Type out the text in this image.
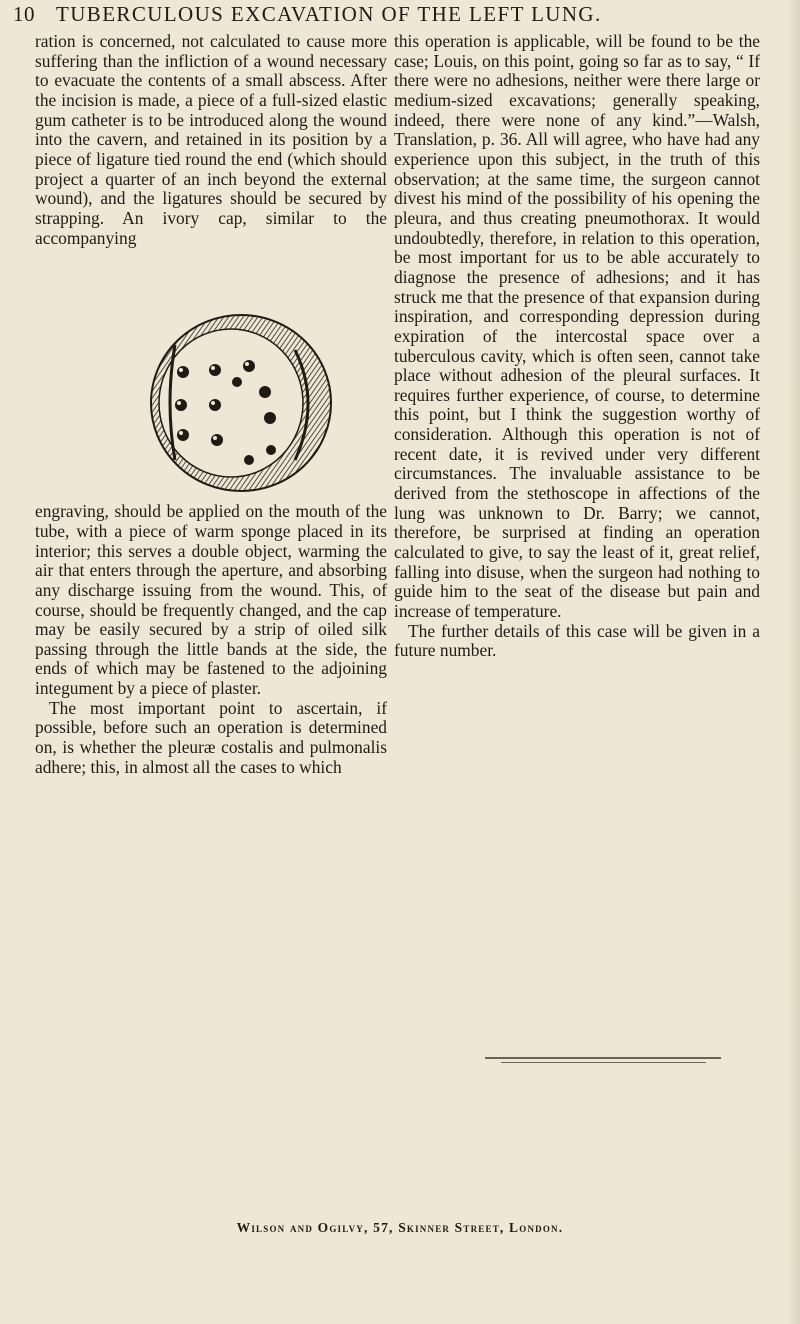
10 TUBERCULOUS EXCAVATION OF THE LEFT LUNG.

ration is concerned, not calculated to cause more suffering than the infliction of a wound necessary to evacuate the contents of a small abscess. After the incision is made, a piece of a full-sized elastic gum catheter is to be introduced along the wound into the cavern, and retained in its position by a piece of ligature tied round the end (which should project a quarter of an inch beyond the external wound), and the ligatures should be secured by strapping. An ivory cap, similar to the accompanying

engraving, should be applied on the mouth of the tube, with a piece of warm sponge placed in its interior; this serves a double object, warming the air that enters through the aperture, and absorbing any discharge issuing from the wound. This, of course, should be frequently changed, and the cap may be easily secured by a strip of oiled silk passing through the little bands at the side, the ends of which may be fastened to the adjoining integument by a piece of plaster.

The most important point to ascertain, if possible, before such an operation is determined on, is whether the pleuræ costalis and pulmonalis adhere; this, in almost all the cases to which

this operation is applicable, will be found to be the case; Louis, on this point, going so far as to say, “ If there were no adhesions, neither were there large or medium-sized excavations; generally speaking, indeed, there were none of any kind.”—Walsh, Translation, p. 36. All will agree, who have had any experience upon this subject, in the truth of this observation; at the same time, the surgeon cannot divest his mind of the possibility of his opening the pleura, and thus creating pneumothorax. It would undoubtedly, therefore, in relation to this operation, be most important for us to be able accurately to diagnose the presence of adhesions; and it has struck me that the presence of that expansion during inspiration, and corresponding depression during expiration of the intercostal space over a tuberculous cavity, which is often seen, cannot take place without adhesion of the pleural surfaces. It requires further experience, of course, to determine this point, but I think the suggestion worthy of consideration. Although this operation is not of recent date, it is revived under very different circumstances. The invaluable assistance to be derived from the stethoscope in affections of the lung was unknown to Dr. Barry; we cannot, therefore, be surprised at finding an operation calculated to give, to say the least of it, great relief, falling into disuse, when the surgeon had nothing to guide him to the seat of the disease but pain and increase of temperature.

The further details of this case will be given in a future number.

Wilson and Ogilvy, 57, Skinner Street, London.
